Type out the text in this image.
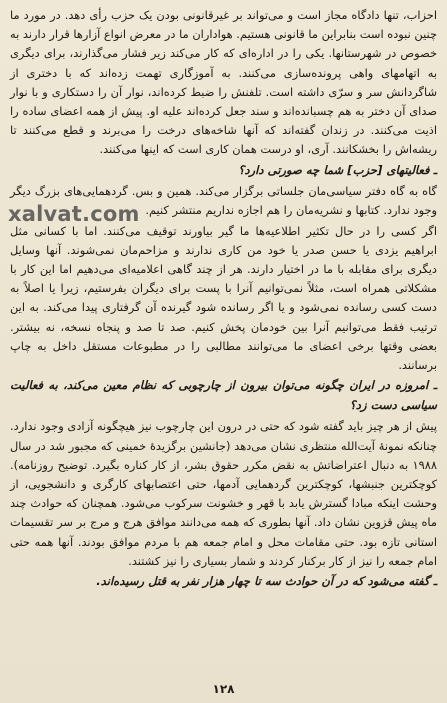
احزاب، تنها دادگاه مجاز است و می‌تواند بر غیرقانونی بودن یک حزب رأی دهد. در مورد ما چنین نبوده است بنابراین ما قانونی هستیم. هواداران ما در معرض انواع آزارها قرار دارند به خصوص در شهرستانها. یکی را در اداره‌ای که کار می‌کند زیر فشار می‌گذارند، برای دیگری به اتهامهای واهی پرونده‌سازی می‌کنند. به آموزگاری تهمت زده‌اند که با دختری از شاگردانش سر و سرّی داشته است. تلفنش را ضبط کرده‌اند، نوار آن را دستکاری و با نوار صدای آن دختر به هم چسبانده‌اند و سند جعل کرده‌اند علیه او. پیش از همه اعضای ساده را اذیت می‌کنند. در زندان گفته‌اند که آنها شاخه‌های درخت را می‌برند و قطع می‌کنند تا ریشه‌اش را بخشکانند. آری، او درست همان کاری است که اینها می‌کنند.

ـ فعالیتهای [حزب] شما چه صورتی دارد؟

گاه به گاه دفتر سیاسی‌مان جلساتی برگزار می‌کند. همین و بس. گردهمایی‌های بزرگ دیگر وجود ندارد. کتابها و نشریه‌مان را هم اجازه نداریم منتشر کنیم.

اگر کسی را در حال تکثیر اطلاعیه‌ها ما گیر بیاورند توقیف می‌کنند. اما با کسانی مثل ابراهیم یزدی یا حسن صدر یا خود من کاری ندارند و مزاحم‌مان نمی‌شوند. آنها وسایل دیگری برای مقابله با ما در اختیار دارند. هر از چند گاهی اعلامیه‌ای می‌دهیم اما این کار با مشکلاتی همراه است، مثلاً نمی‌توانیم آنرا با پست برای دیگران بفرستیم، زیرا یا اصلاً به دست کسی رسانده نمی‌شود و یا اگر رسانده شود گیرنده آن گرفتاری پیدا می‌کند. به این ترتیب فقط می‌توانیم آنرا بین خودمان پخش کنیم. صد تا صد و پنجاه نسخه، نه بیشتر. بعضی وقتها برخی اعضای ما می‌توانند مطالبی را در مطبوعات مستقل داخل به چاپ برسانند.

ـ امروزه در ایران چگونه می‌توان بیرون از چارچوبی که نظام معین می‌کند، به فعالیت سیاسی دست زد؟

پیش از هر چیز باید گفته شود که حتی در درون این چارچوب نیز هیچگونه آزادی وجود ندارد. چنانکه نمونهٔ آیت‌الله منتظری نشان می‌دهد (جانشین برگزیدهٔ خمینی که مجبور شد در سال ۱۹۸۸ به دنبال اعتراضاتش به نقض مکرر حقوق بشر، از کار کناره بگیرد. توضیح روزنامه). کوچکترین جنبشها، کوچکترین گردهمایی آدمها، حتی اعتصابهای کارگری و دانشجویی، از وحشت اینکه مبادا گسترش یابد با قهر و خشونت سرکوب می‌شود. همچنان که حوادث چند ماه پیش قزوین نشان داد. آنها بطوری که همه می‌دانند موافق هرج و مرج بر سر تقسیمات استانی تازه بود. حتی مقامات محل و امام جمعه هم با مردم موافق بودند. آنها همه حتی امام جمعه را نیز از کار برکنار کردند و شمار بسیاری را نیز کشتند.

ـ گفته می‌شود که در آن حوادث سه تا چهار هزار نفر به قتل رسیده‌اند.

xalvat.com
۱۲۸
